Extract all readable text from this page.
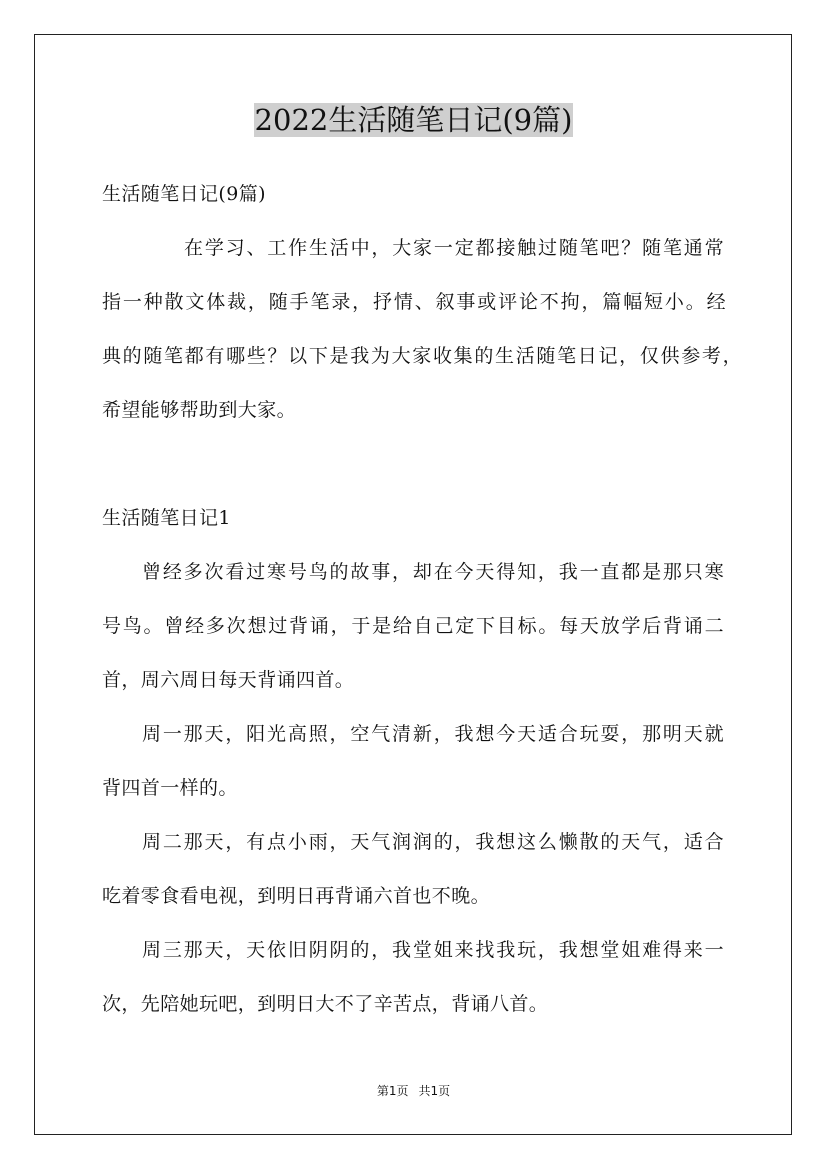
2022生活随笔日记(9篇)

生活随笔日记(9篇)

在学习、工作生活中，大家一定都接触过随笔吧？随笔通常

指一种散文体裁，随手笔录，抒情、叙事或评论不拘，篇幅短小。经

典的随笔都有哪些？以下是我为大家收集的生活随笔日记，仅供参考，

希望能够帮助到大家。

生活随笔日记1

曾经多次看过寒号鸟的故事，却在今天得知，我一直都是那只寒

号鸟。曾经多次想过背诵，于是给自己定下目标。每天放学后背诵二

首，周六周日每天背诵四首。

周一那天，阳光高照，空气清新，我想今天适合玩耍，那明天就

背四首一样的。

周二那天，有点小雨，天气润润的，我想这么懒散的天气，适合

吃着零食看电视，到明日再背诵六首也不晚。

周三那天，天依旧阴阴的，我堂姐来找我玩，我想堂姐难得来一

次，先陪她玩吧，到明日大不了辛苦点，背诵八首。

第1页 共1页
